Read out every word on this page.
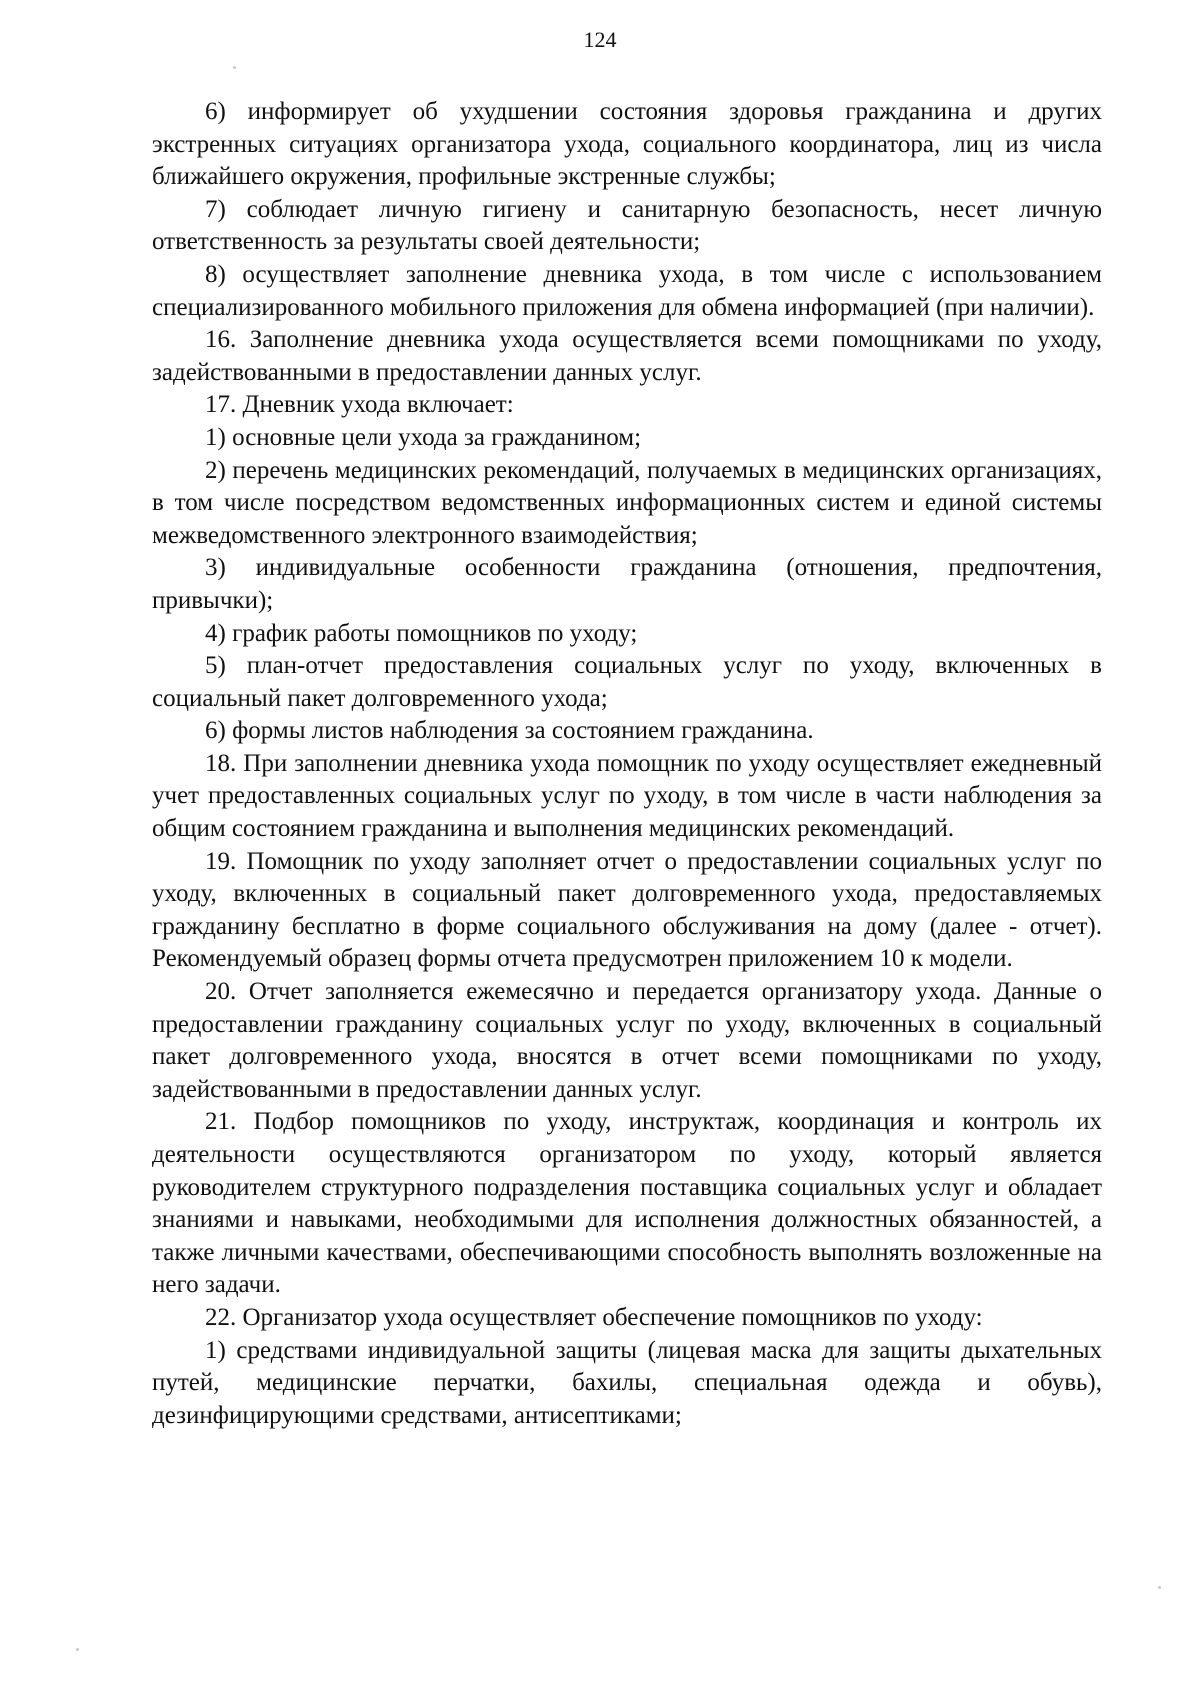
124

6) информирует об ухудшении состояния здоровья гражданина и других экстренных ситуациях организатора ухода, социального координатора, лиц из числа ближайшего окружения, профильные экстренные службы;

7) соблюдает личную гигиену и санитарную безопасность, несет личную ответственность за результаты своей деятельности;

8) осуществляет заполнение дневника ухода, в том числе с использованием специализированного мобильного приложения для обмена информацией (при наличии).

16. Заполнение дневника ухода осуществляется всеми помощниками по уходу, задействованными в предоставлении данных услуг.

17. Дневник ухода включает:

1) основные цели ухода за гражданином;

2) перечень медицинских рекомендаций, получаемых в медицинских организациях, в том числе посредством ведомственных информационных систем и единой системы межведомственного электронного взаимодействия;

3) индивидуальные особенности гражданина (отношения, предпочтения, привычки);

4) график работы помощников по уходу;

5) план-отчет предоставления социальных услуг по уходу, включенных в социальный пакет долговременного ухода;

6) формы листов наблюдения за состоянием гражданина.

18. При заполнении дневника ухода помощник по уходу осуществляет ежедневный учет предоставленных социальных услуг по уходу, в том числе в части наблюдения за общим состоянием гражданина и выполнения медицинских рекомендаций.

19. Помощник по уходу заполняет отчет о предоставлении социальных услуг по уходу, включенных в социальный пакет долговременного ухода, предоставляемых гражданину бесплатно в форме социального обслуживания на дому (далее - отчет). Рекомендуемый образец формы отчета предусмотрен приложением 10 к модели.

20. Отчет заполняется ежемесячно и передается организатору ухода. Данные о предоставлении гражданину социальных услуг по уходу, включенных в социальный пакет долговременного ухода, вносятся в отчет всеми помощниками по уходу, задействованными в предоставлении данных услуг.

21. Подбор помощников по уходу, инструктаж, координация и контроль их деятельности осуществляются организатором по уходу, который является руководителем структурного подразделения поставщика социальных услуг и обладает знаниями и навыками, необходимыми для исполнения должностных обязанностей, а также личными качествами, обеспечивающими способность выполнять возложенные на него задачи.

22. Организатор ухода осуществляет обеспечение помощников по уходу:

1) средствами индивидуальной защиты (лицевая маска для защиты дыхательных путей, медицинские перчатки, бахилы, специальная одежда и обувь), дезинфицирующими средствами, антисептиками;
